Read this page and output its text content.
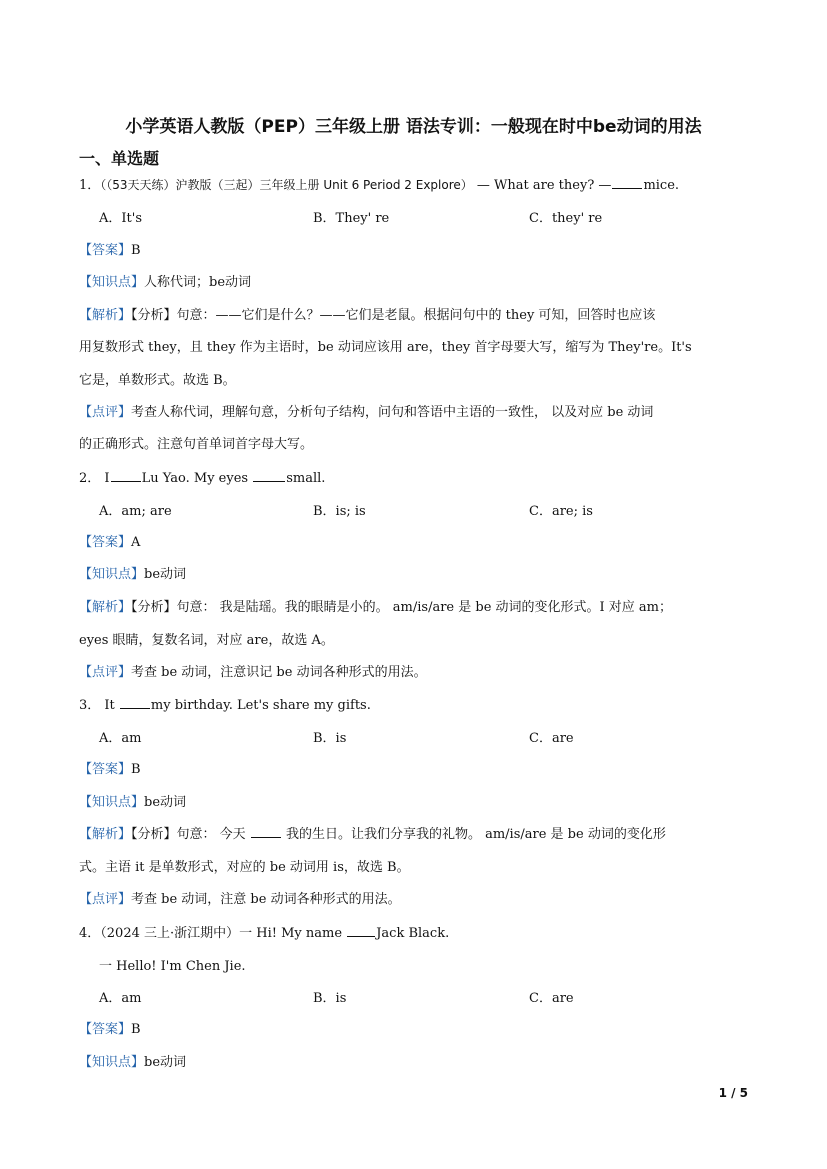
小学英语人教版（PEP）三年级上册 语法专训：一般现在时中be动词的用法
一、单选题
1．（（53天天练）沪教版（三起）三年级上册 Unit 6 Period 2 Explore） — What are they? — mice.
A．It's	B．They' re	C．they' re
【答案】B
【知识点】人称代词；be动词
【解析】【分析】句意：——它们是什么？——它们是老鼠。根据问句中的 they 可知，回答时也应该
用复数形式 they，且 they 作为主语时，be 动词应该用 are，they 首字母要大写，缩写为 They're。It's
它是，单数形式。故选 B。
【点评】考查人称代词，理解句意，分析句子结构，问句和答语中主语的一致性， 以及对应 be 动词
的正确形式。注意句首单词首字母大写。
2． I Lu Yao. My eyes	small.
A．am; are	B．is; is	C．are; is
【答案】A
【知识点】be动词
【解析】【分析】句意： 我是陆瑶。我的眼睛是小的。 am/is/are 是 be 动词的变化形式。I 对应 am；
eyes 眼睛，复数名词，对应 are，故选 A。
【点评】考查 be 动词，注意识记 be 动词各种形式的用法。
3． It	my birthday. Let's share my gifts.
A．am	B．is	C．are
【答案】B
【知识点】be动词
【解析】【分析】句意： 今天	我的生日。让我们分享我的礼物。 am/is/are 是 be 动词的变化形
式。主语 it 是单数形式，对应的 be 动词用 is，故选 B。
【点评】考查 be 动词，注意 be 动词各种形式的用法。
4．（2024 三上·浙江期中）一 Hi! My name	Jack Black.
一 Hello! I'm Chen Jie.
A．am	B．is	C．are
【答案】B
【知识点】be动词
1 / 5
